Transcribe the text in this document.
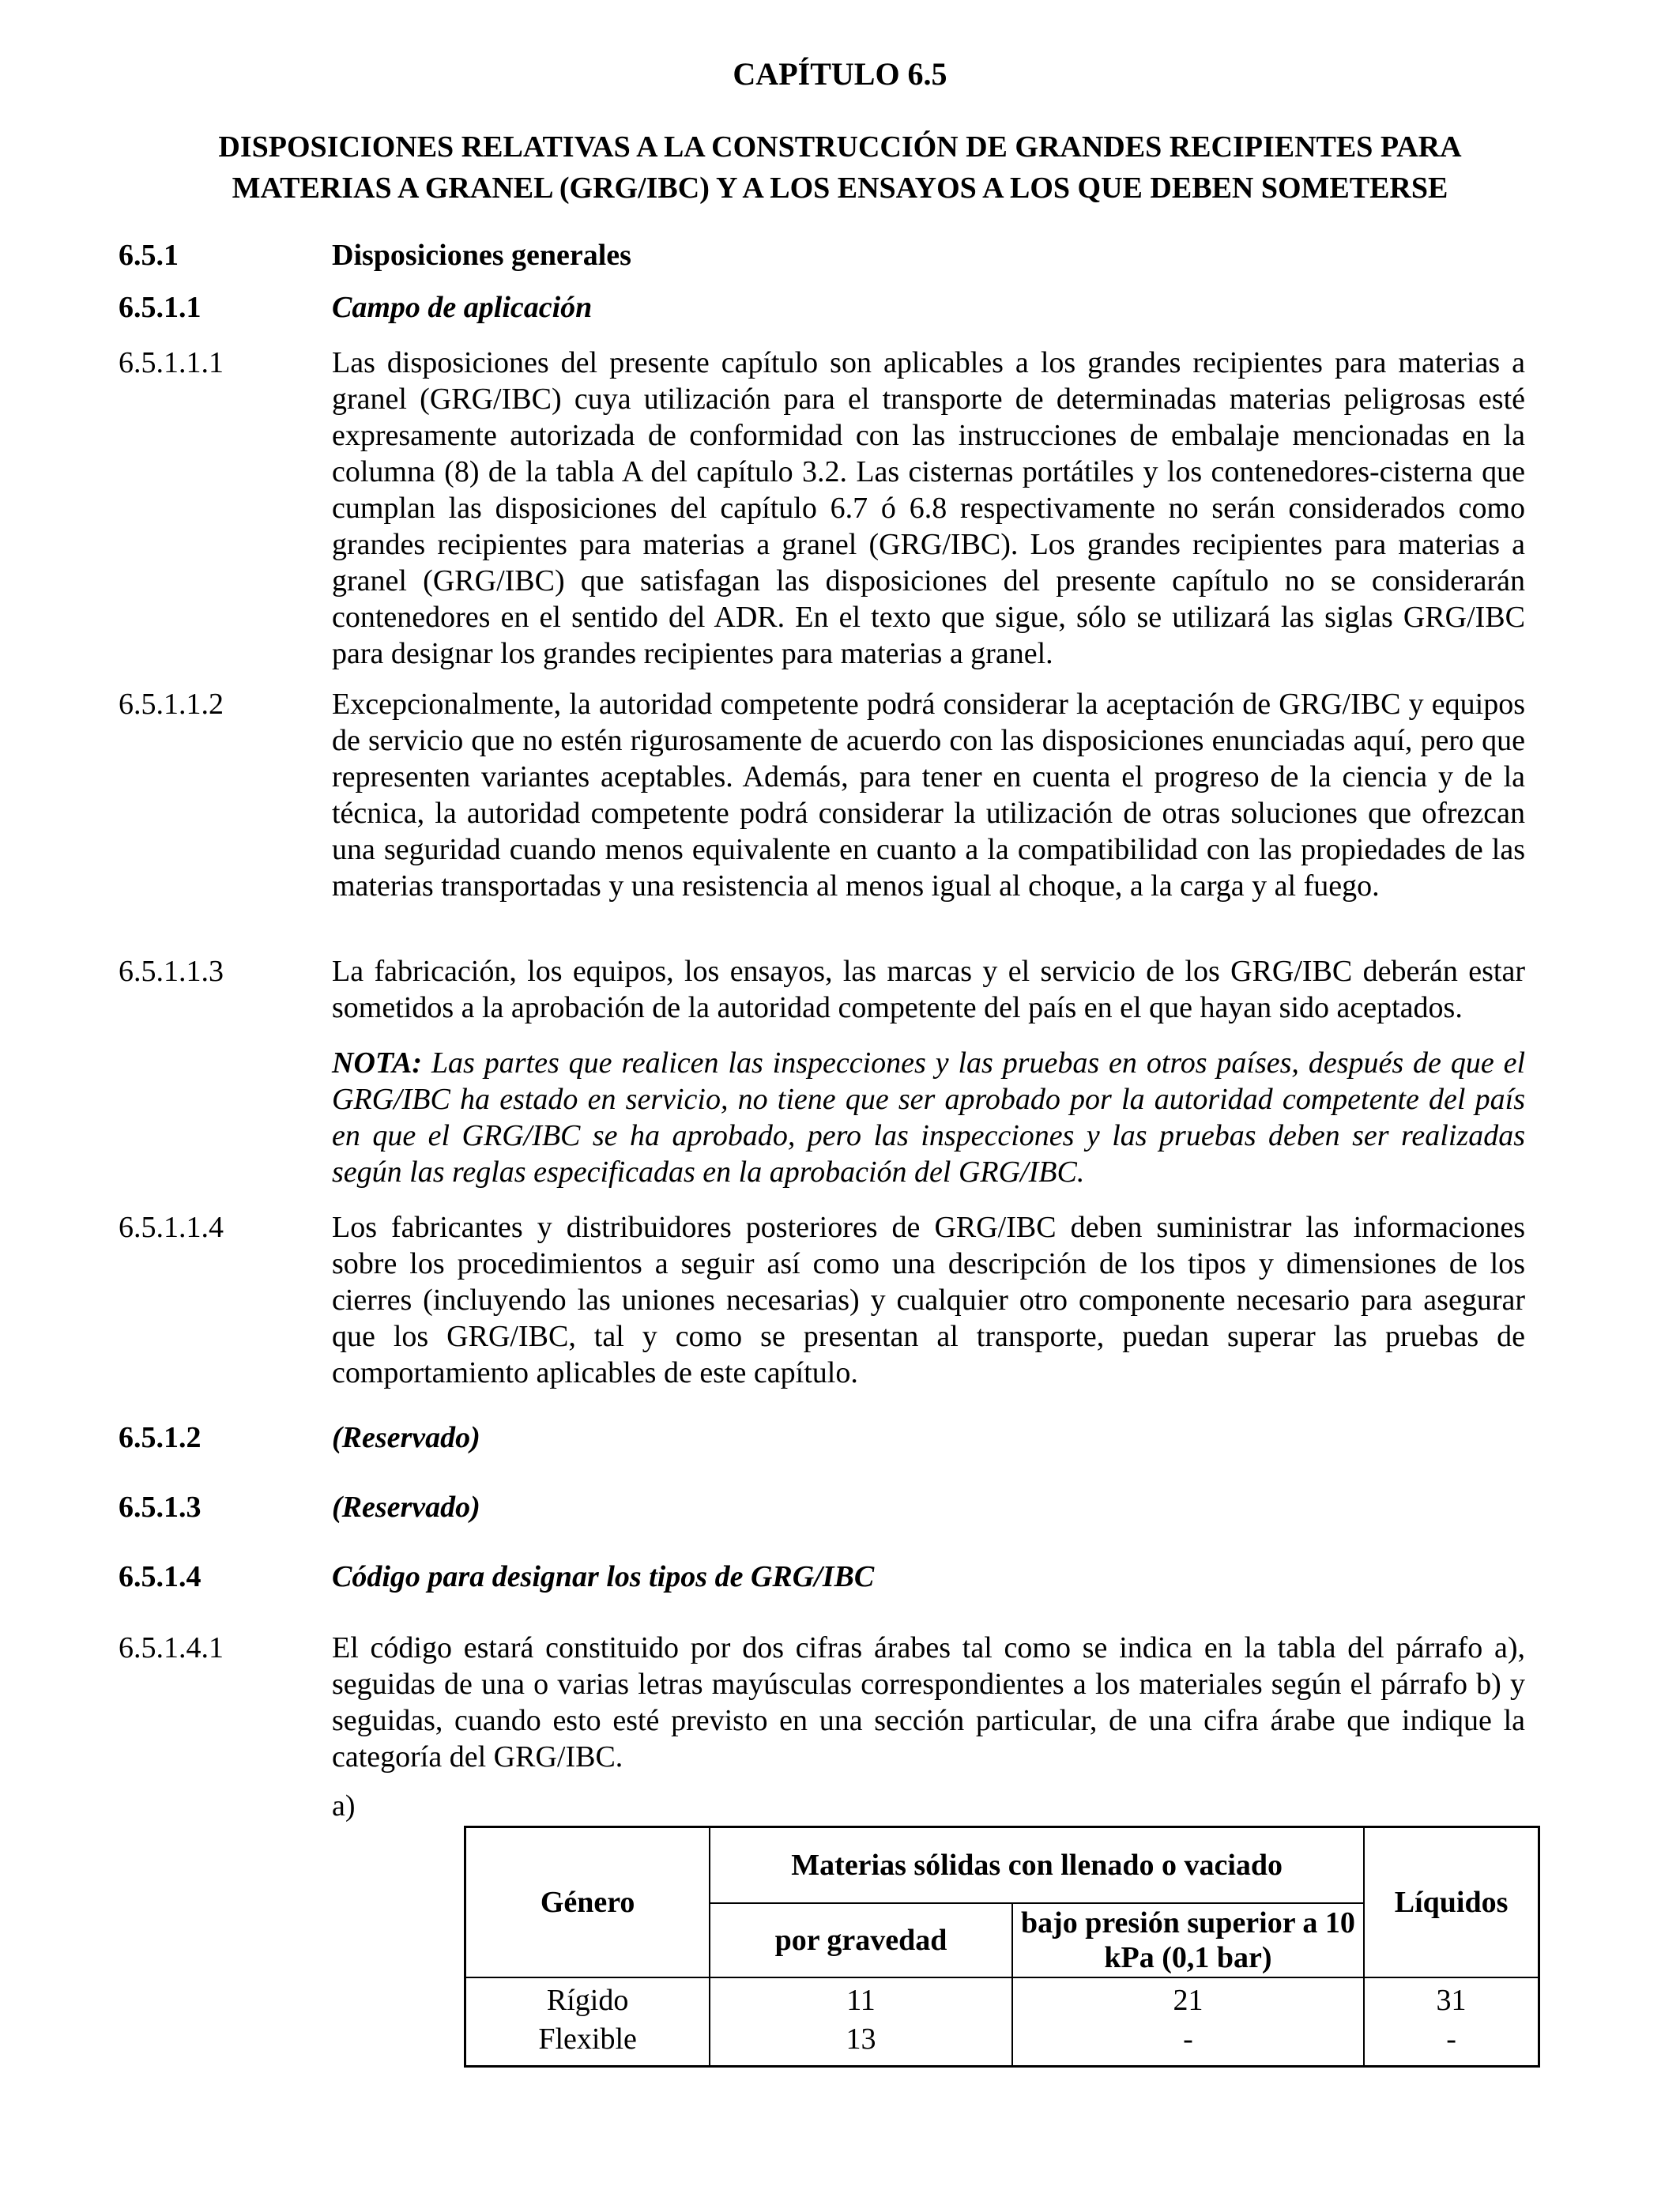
CAPÍTULO 6.5
DISPOSICIONES RELATIVAS A LA CONSTRUCCIÓN DE GRANDES RECIPIENTES PARA
MATERIAS A GRANEL (GRG/IBC) Y A LOS ENSAYOS A LOS QUE DEBEN SOMETERSE
6.5.1	Disposiciones generales
6.5.1.1	Campo de aplicación
6.5.1.1.1	Las disposiciones del presente capítulo son aplicables a los grandes recipientes para materias a granel (GRG/IBC) cuya utilización para el transporte de determinadas materias peligrosas esté expresamente autorizada de conformidad con las instrucciones de embalaje mencionadas en la columna (8) de la tabla A del capítulo 3.2. Las cisternas portátiles y los contenedores-cisterna que cumplan las disposiciones del capítulo 6.7 ó 6.8 respectivamente no serán considerados como grandes recipientes para materias a granel (GRG/IBC). Los grandes recipientes para materias a granel (GRG/IBC) que satisfagan las disposiciones del presente capítulo no se considerarán contenedores en el sentido del ADR. En el texto que sigue, sólo se utilizará las siglas GRG/IBC para designar los grandes recipientes para materias a granel.
6.5.1.1.2	Excepcionalmente, la autoridad competente podrá considerar la aceptación de GRG/IBC y equipos de servicio que no estén rigurosamente de acuerdo con las disposiciones enunciadas aquí, pero que representen variantes aceptables. Además, para tener en cuenta el progreso de la ciencia y de la técnica, la autoridad competente podrá considerar la utilización de otras soluciones que ofrezcan una seguridad cuando menos equivalente en cuanto a la compatibilidad con las propiedades de las materias transportadas y una resistencia al menos igual al choque, a la carga y al fuego.
6.5.1.1.3	La fabricación, los equipos, los ensayos, las marcas y el servicio de los GRG/IBC deberán estar sometidos a la aprobación de la autoridad competente del país en el que hayan sido aceptados.
NOTA: Las partes que realicen las inspecciones y las pruebas en otros países, después de que el GRG/IBC ha estado en servicio, no tiene que ser aprobado por la autoridad competente del país en que el GRG/IBC se ha aprobado, pero las inspecciones y las pruebas deben ser realizadas según las reglas especificadas en la aprobación del GRG/IBC.
6.5.1.1.4	Los fabricantes y distribuidores posteriores de GRG/IBC deben suministrar las informaciones sobre los procedimientos a seguir así como una descripción de los tipos y dimensiones de los cierres (incluyendo las uniones necesarias) y cualquier otro componente necesario para asegurar que los GRG/IBC, tal y como se presentan al transporte, puedan superar las pruebas de comportamiento aplicables de este capítulo.
6.5.1.2	(Reservado)
6.5.1.3	(Reservado)
6.5.1.4	Código para designar los tipos de GRG/IBC
6.5.1.4.1	El código estará constituido por dos cifras árabes tal como se indica en la tabla del párrafo a), seguidas de una o varias letras mayúsculas correspondientes a los materiales según el párrafo b) y seguidas, cuando esto esté previsto en una sección particular, de una cifra árabe que indique la categoría del GRG/IBC.
a)
Género	Materias sólidas con llenado o vaciado		Líquidos
	por gravedad	bajo presión superior a 10 kPa (0,1 bar)	
Rígido	11	21	31
Flexible	13	-	-
